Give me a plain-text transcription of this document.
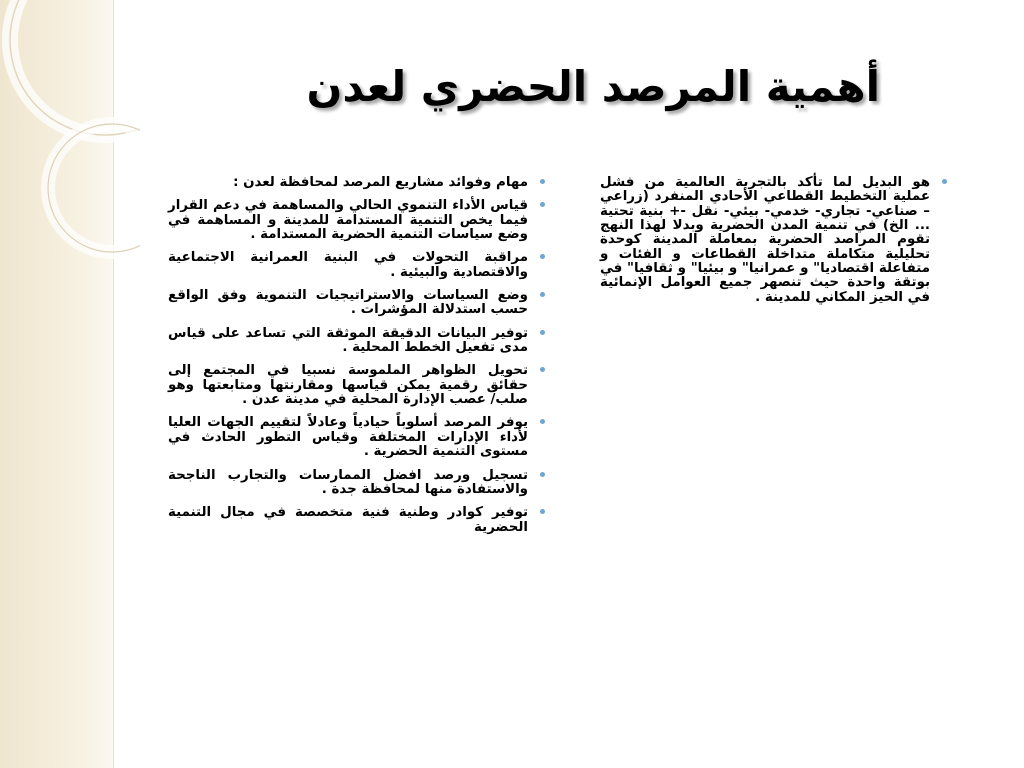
أهمية المرصد الحضري لعدن
هو البديل لما تأكد بالتجربة العالمية من فشل عملية التخطيط القطاعي الأحادي المنفرد (زراعي – صناعي- تجاري- خدمي- بيئي- نقل -+ بنية تحتية ... الخ) في تنمية المدن الحضرية وبدلا لهذا النهج تقوم المراصد الحضرية بمعاملة المدينة كوحدة تحليلية متكاملة متداخلة القطاعات و الفئات و متفاعلة اقتصاديا" و عمرانيا" و بيئيا" و ثقافيا" في بوتقة واحدة حيث تنصهر جميع العوامل الإنمائية في الحيز المكاني للمدينة .
مهام وفوائد مشاريع المرصد لمحافظة لعدن :
قياس الأداء التنموي الحالي والمساهمة في دعم القرار فيما يخص التنمية المستدامة للمدينة و المساهمة في وضع سياسات التنمية الحضرية المستدامة .
مراقبة التحولات في البنية العمرانية الاجتماعية والاقتصادية والبيئية .
وضع السياسات والاستراتيجيات التنموية وفق الواقع حسب استدلالة المؤشرات .
توفير البيانات الدقيقة الموثقة التي تساعد على قياس مدى تفعيل الخطط المحلية .
تحويل الظواهر الملموسة نسبيا في المجتمع إلى حقائق رقمية يمكن قياسها ومقارنتها ومتابعتها وهو صلب/ عصب الإدارة المحلية في مدينة عدن .
يوفر المرصد أسلوباً حيادياً وعادلاً لتقييم الجهات العليا لأداء الإدارات المختلفة وقياس التطور الحادث في مستوى التنمية الحضرية .
تسجيل ورصد افضل الممارسات والتجارب الناجحة والاستفادة منها لمحافظة جدة .
توفير كوادر وطنية فنية متخصصة في مجال التنمية الحضرية
